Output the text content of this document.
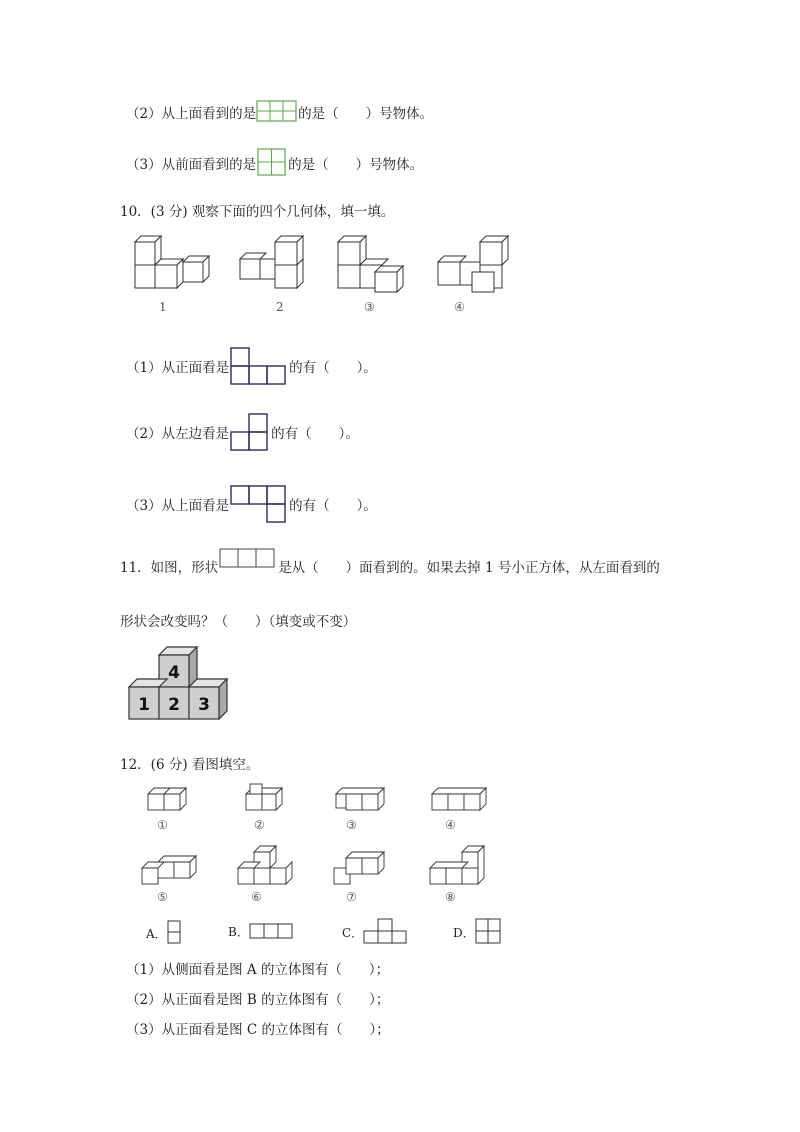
（2） 从上面看到的是	的是（　　）号物体。
（3） 从前面看到的是 的是（　　）号物体。
10．(3 分) 观察下面的四个几何体，填一填。
1	2	③	④
（1） 从正面看是	的有（　　）。
（2） 从左边看是	的有（　　）。
（3） 从上面看是	的有（　　）。
11．如图，形状	是从（　　）面看到的。如果去掉 1 号小正方体，从左面看到的
形状会改变吗？（　　）（填变或不变）
4
1 2 3
12．(6 分) 看图填空。
①	②	③	④
⑤	⑥	⑦	⑧
A．	B．	C．	D．
（1）从侧面看是图 A 的立体图有（　　）；
（2）从正面看是图 B 的立体图有（　　）；
（3）从正面看是图 C 的立体图有（　　）；
